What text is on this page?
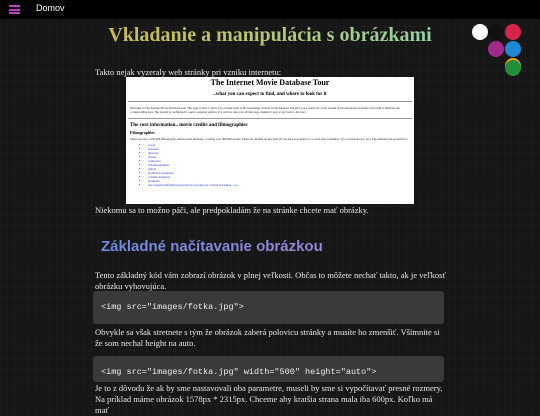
Domov
Vkladanie a manipulácia s obrázkami
Takto nejak vyzeraly web stránky pri vzniku internetu:
The Internet Movie Database Tour
..what you can expect to find, and where to look for it
Welcome to The Internet Movie Database tour. This page is here to show you around some of the interesting sections in the database and give you a brief tour of the system. Each description includes a live link to illustrate the corresponding area. The system is configured to open a separate window if it will not take you off this page, making it easy to get back to the tour.
The core information.. movie credits and filmographies
Filmographies
There are over 1,250,000 filmography entries in the database, covering over 300,000 people. These are divided up into lists (if you have ever heard of, or even been a member of) or production (tv, etc). The database has sections for:
• actors
• actresses
• directors
• writers
• composers
• cinematographers
• editors
• production designers
• costume designers
• producers
• and a special miscellaneous section for people not covered elsewhere - e.g.
Niekomu sa to možno páči, ale predpokladám že na stránke chcete mať obrázky.
Základné načítavanie obrázkou
Tento základný kód vám zobrazí obrázok v plnej veľkosti. Občas to môžete nechať takto, ak je veľkosť obrázku vyhovujúca.
<img src="images/fotka.jpg">
Obvykle sa však stretnete s tým že obrázok zaberá polovicu stránky a musíte ho zmenšiť. Všimnite si že som nechal height na auto.
<img src="images/fotka.jpg" width="500" height="auto">
Je to z dôvodu že ak by sme nastavovali oba parametre, museli by sme si vypočítavať presné rozmery. Na príklad máme obrázok 1578px * 2315px. Chceme aby kratšia strana mala iba 600px. Koľko má mať
